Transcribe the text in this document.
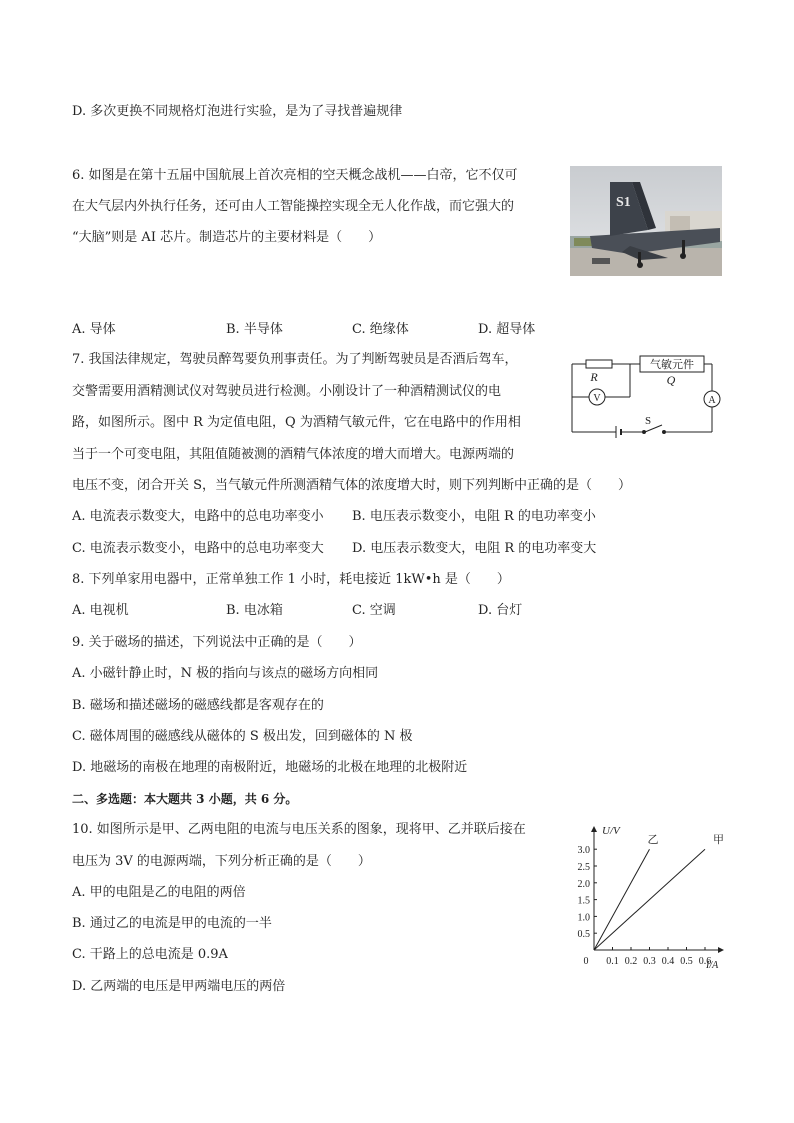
D. 多次更换不同规格灯泡进行实验，是为了寻找普遍规律
6. 如图是在第十五届中国航展上首次亮相的空天概念战机——白帝，它不仅可
在大气层内外执行任务，还可由人工智能操控实现全无人化作战，而它强大的
“大脑”则是 AI 芯片。制造芯片的主要材料是（　　）
S1
A. 导体	B. 半导体	C. 绝缘体	D. 超导体
7. 我国法律规定，驾驶员醉驾要负刑事责任。为了判断驾驶员是否酒后驾车，
交警需要用酒精测试仪对驾驶员进行检测。小刚设计了一种酒精测试仪的电
路，如图所示。图中 R 为定值电阻，Q 为酒精气敏元件，它在电路中的作用相
当于一个可变电阻，其阻值随被测的酒精气体浓度的增大而增大。电源两端的
电压不变，闭合开关 S，当气敏元件所测酒精气体的浓度增大时，则下列判断中正确的是（　　）
R
气敏元件
Q
V	A
S
A. 电流表示数变大，电路中的总电功率变小 B. 电压表示数变小，电阻 R 的电功率变小
C. 电流表示数变小，电路中的总电功率变大 D. 电压表示数变大，电阻 R 的电功率变大
8. 下列单家用电器中，正常单独工作 1 小时，耗电接近 1kW•h 是（　　）
A. 电视机	B. 电冰箱	C. 空调	D. 台灯
9. 关于磁场的描述，下列说法中正确的是（　　）
A. 小磁针静止时，N 极的指向与该点的磁场方向相同
B. 磁场和描述磁场的磁感线都是客观存在的
C. 磁体周围的磁感线从磁体的 S 极出发，回到磁体的 N 极
D. 地磁场的南极在地理的南极附近，地磁场的北极在地理的北极附近
二、多选题：本大题共 3 小题，共 6 分。
10. 如图所示是甲、乙两电阻的电流与电压关系的图象，现将甲、乙并联后接在
电压为 3V 的电源两端，下列分析正确的是（　　）
A. 甲的电阻是乙的电阻的两倍
B. 通过乙的电流是甲的电流的一半
C. 干路上的总电流是 0.9A
D. 乙两端的电压是甲两端电压的两倍
U/V
I/A
0 0.1 0.2 0.3 0.4 0.5 0.6
0.5
1.0
1.5
2.0
2.5
3.0
乙	甲
